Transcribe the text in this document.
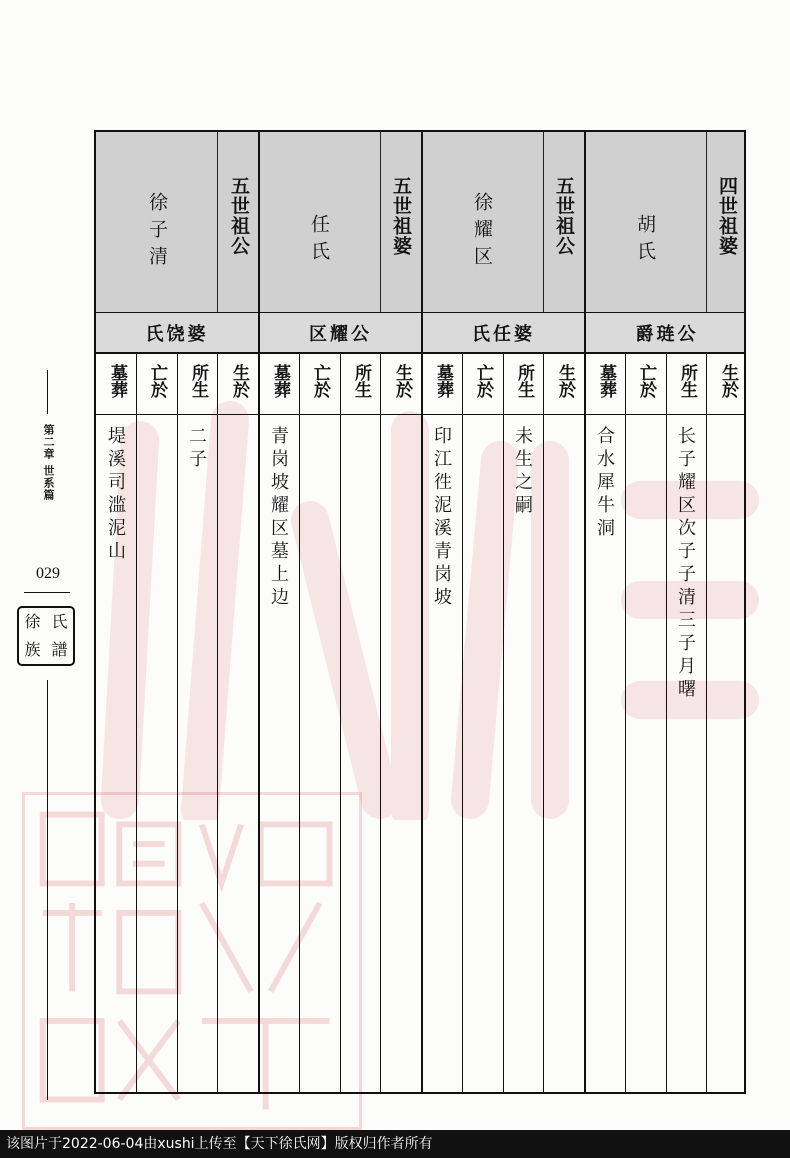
第二章 世系篇
029
徐 氏
族 譜
四世祖婆
胡氏
爵琏公
生於
所生
亡於
墓葬
长子耀区次子子清三子月曙
合水犀牛洞
五世祖公
徐耀区
氏任婆
生於
所生
亡於
墓葬
未生之嗣
印江徃泥溪青岗坡
五世祖婆
任氏
区耀公
生於
所生
亡於
墓葬
青岗坡耀区墓上边
五世祖公
徐子清
氏饶婆
生於
所生
亡於
墓葬
二子
堤溪司滥泥山
该图片于2022-06-04由xushi上传至【天下徐氏网】版权归作者所有
